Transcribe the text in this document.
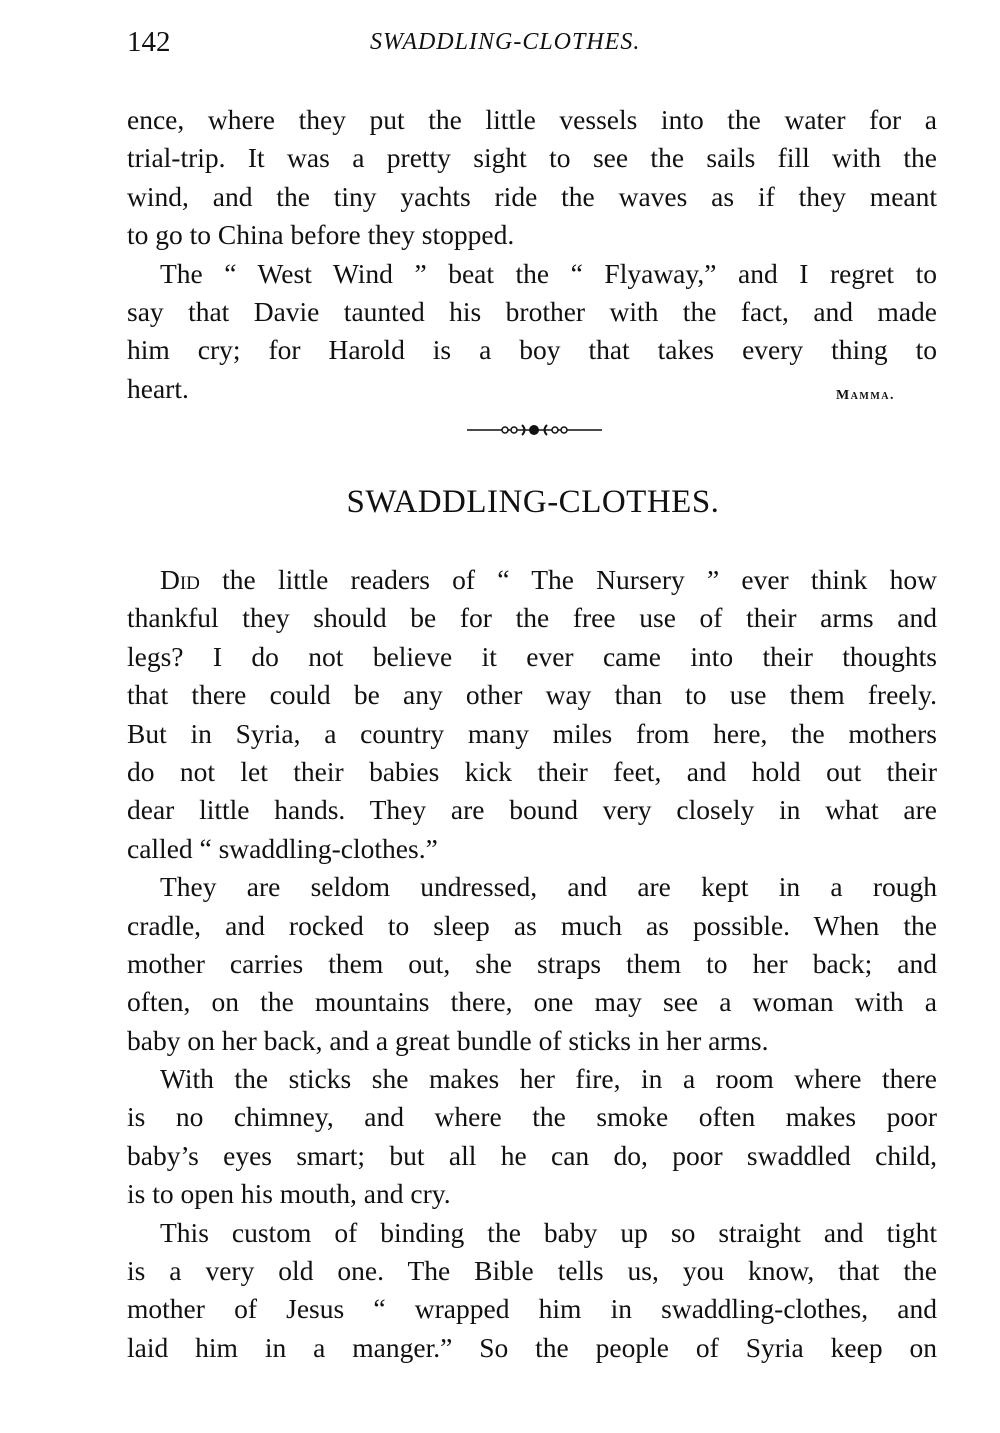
142	SWADDLING-CLOTHES.
ence, where they put the little vessels into the water for a
trial-trip. It was a pretty sight to see the sails fill with the
wind, and the tiny yachts ride the waves as if they meant
to go to China before they stopped.
The “ West Wind ” beat the “ Flyaway,” and I regret to
say that Davie taunted his brother with the fact, and made
him cry; for Harold is a boy that takes every thing to
heart.	Mamma.
SWADDLING-CLOTHES.
Did the little readers of “ The Nursery ” ever think how
thankful they should be for the free use of their arms and
legs? I do not believe it ever came into their thoughts
that there could be any other way than to use them freely.
But in Syria, a country many miles from here, the mothers
do not let their babies kick their feet, and hold out their
dear little hands. They are bound very closely in what are
called “ swaddling-clothes.”
They are seldom undressed, and are kept in a rough
cradle, and rocked to sleep as much as possible. When the
mother carries them out, she straps them to her back; and
often, on the mountains there, one may see a woman with a
baby on her back, and a great bundle of sticks in her arms.
With the sticks she makes her fire, in a room where there
is no chimney, and where the smoke often makes poor
baby’s eyes smart; but all he can do, poor swaddled child,
is to open his mouth, and cry.
This custom of binding the baby up so straight and tight
is a very old one. The Bible tells us, you know, that the
mother of Jesus “ wrapped him in swaddling-clothes, and
laid him in a manger.” So the people of Syria keep on
